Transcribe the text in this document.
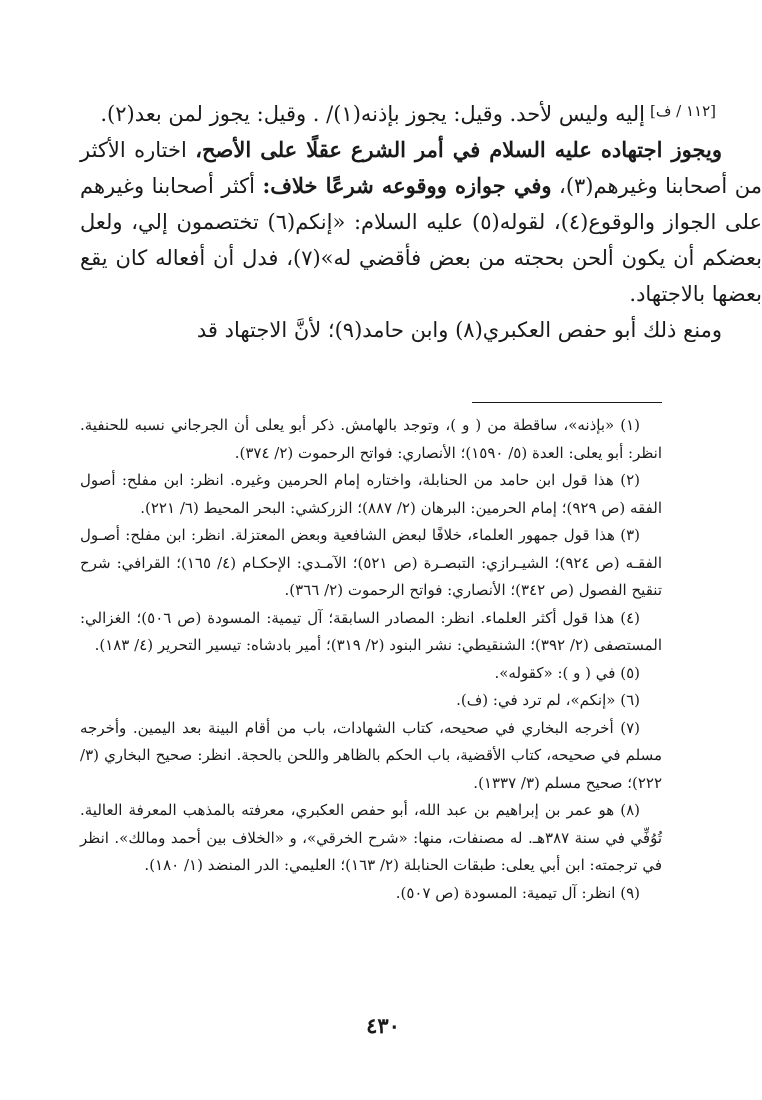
[١١٢ / ف]

إليه وليس لأحد. وقيل: يجوز بإذنه(١)/ . وقيل: يجوز لمن بعد(٢).

ويجوز اجتهاده عليه السلام في أمر الشرع عقلًا على الأصح، اختاره الأكثر من أصحابنا وغيرهم(٣)، وفي جوازه ووقوعه شرعًا خلاف: أكثر أصحابنا وغيرهم على الجواز والوقوع(٤)، لقوله(٥) عليه السلام: «إنكم(٦) تختصمون إلي، ولعل بعضكم أن يكون ألحن بحجته من بعض فأقضي له»(٧)، فدل أن أفعاله كان يقع بعضها بالاجتهاد.

ومنع ذلك أبو حفص العكبري(٨) وابن حامد(٩)؛ لأنَّ الاجتهاد قد

(١) «بإذنه»، ساقطة من ( و )، وتوجد بالهامش. ذكر أبو يعلى أن الجرجاني نسبه للحنفية. انظر: أبو يعلى: العدة (٥/ ١٥٩٠)؛ الأنصاري: فواتح الرحموت (٢/ ٣٧٤).

(٢) هذا قول ابن حامد من الحنابلة، واختاره إمام الحرمين وغيره. انظر: ابن مفلح: أصول الفقه (ص ٩٢٩)؛ إمام الحرمين: البرهان (٢/ ٨٨٧)؛ الزركشي: البحر المحيط (٦/ ٢٢١).

(٣) هذا قول جمهور العلماء، خلافًا لبعض الشافعية وبعض المعتزلة. انظر: ابن مفلح: أصـول الفقـه (ص ٩٢٤)؛ الشيـرازي: التبصـرة (ص ٥٢١)؛ الآمـدي: الإحكـام (٤/ ١٦٥)؛ القرافي: شرح تنقيح الفصول (ص ٣٤٢)؛ الأنصاري: فواتح الرحموت (٢/ ٣٦٦).

(٤) هذا قول أكثر العلماء. انظر: المصادر السابقة؛ آل تيمية: المسودة (ص ٥٠٦)؛ الغزالي: المستصفى (٢/ ٣٩٢)؛ الشنقيطي: نشر البنود (٢/ ٣١٩)؛ أمير بادشاه: تيسير التحرير (٤/ ١٨٣).

(٥) في ( و ): «كقوله».

(٦) «إنكم»، لم ترد في: (ف).

(٧) أخرجه البخاري في صحيحه، كتاب الشهادات، باب من أقام البينة بعد اليمين. وأخرجه مسلم في صحيحه، كتاب الأقضية، باب الحكم بالظاهر واللحن بالحجة. انظر: صحيح البخاري (٣/ ٢٢٢)؛ صحيح مسلم (٣/ ١٣٣٧).

(٨) هو عمر بن إبراهيم بن عبد الله، أبو حفص العكبري، معرفته بالمذهب المعرفة العالية. تُوُفِّي في سنة ٣٨٧هـ. له مصنفات، منها: «شرح الخرقي»، و «الخلاف بين أحمد ومالك». انظر في ترجمته: ابن أبي يعلى: طبقات الحنابلة (٢/ ١٦٣)؛ العليمي: الدر المنضد (١/ ١٨٠).

(٩) انظر: آل تيمية: المسودة (ص ٥٠٧).

٤٣٠
